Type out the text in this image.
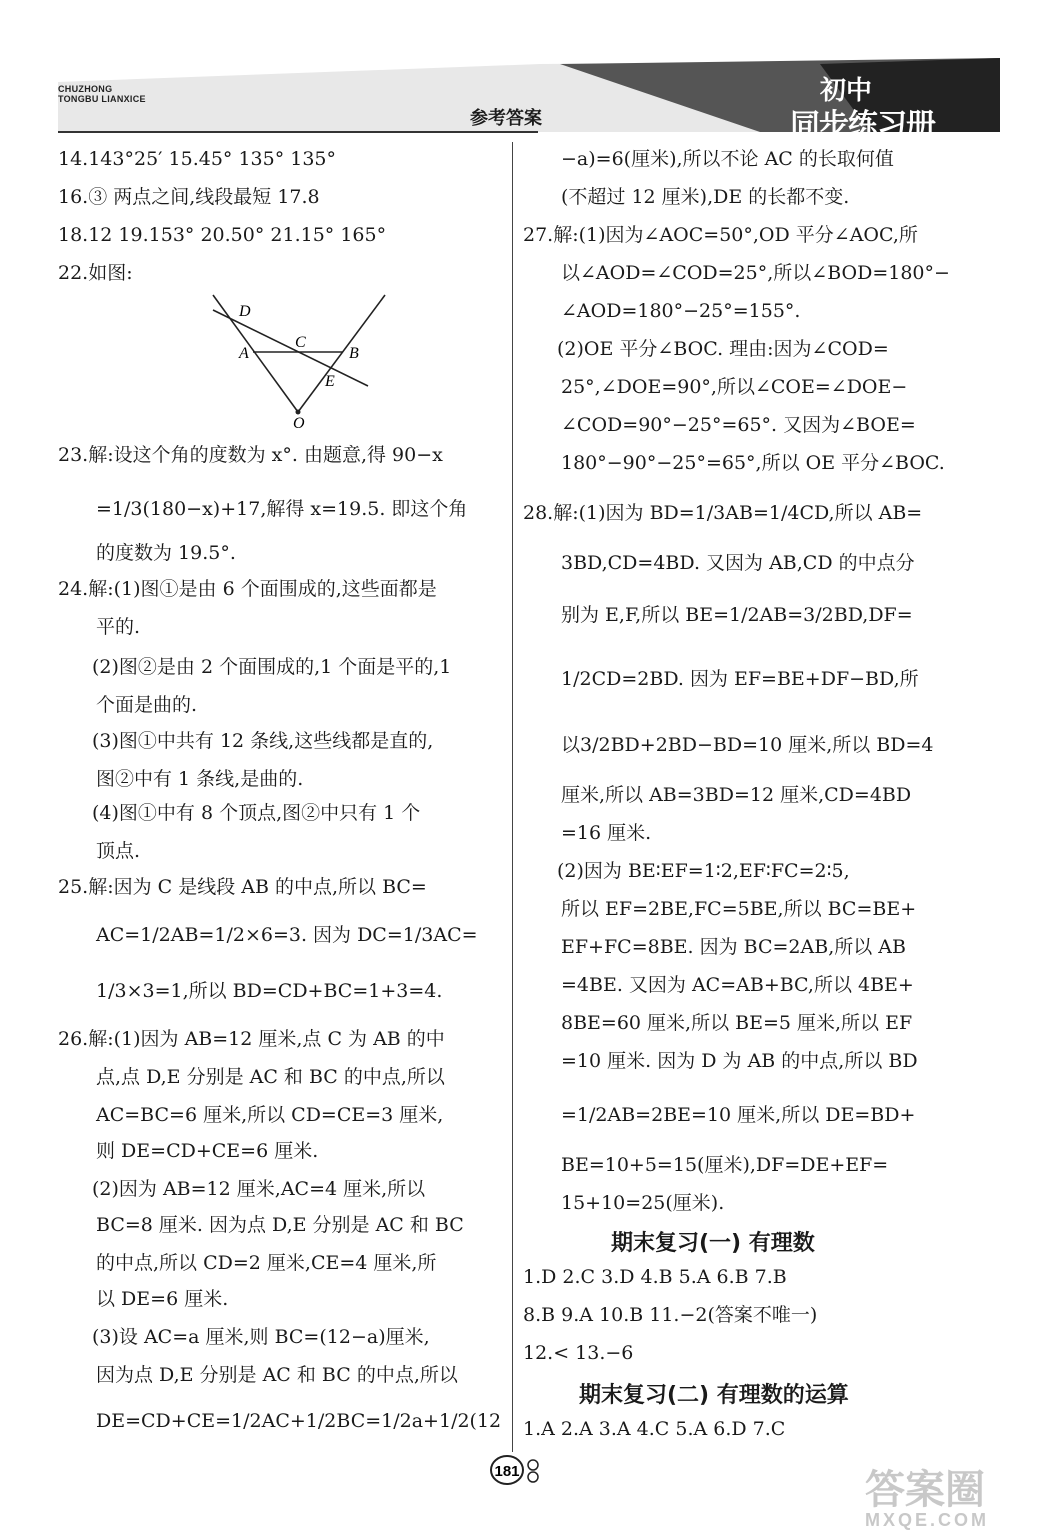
CHUZHONG
TONGBU LIANXICE
参考答案
初中
同步练习册
14.143°25′ 15.45° 135° 135°
16.③ 两点之间,线段最短 17.8
18.12 19.153° 20.50° 21.15° 165°
22.如图:
D
A
C
B
E
O
23.解:设这个角的度数为 x°. 由题意,得 90−x
=1/3(180−x)+17,解得 x=19.5. 即这个角
的度数为 19.5°.
24.解:(1)图①是由 6 个面围成的,这些面都是
平的.
(2)图②是由 2 个面围成的,1 个面是平的,1
个面是曲的.
(3)图①中共有 12 条线,这些线都是直的,
图②中有 1 条线,是曲的.
(4)图①中有 8 个顶点,图②中只有 1 个
顶点.
25.解:因为 C 是线段 AB 的中点,所以 BC=
AC=1/2AB=1/2×6=3. 因为 DC=1/3AC=
1/3×3=1,所以 BD=CD+BC=1+3=4.
26.解:(1)因为 AB=12 厘米,点 C 为 AB 的中
点,点 D,E 分别是 AC 和 BC 的中点,所以
AC=BC=6 厘米,所以 CD=CE=3 厘米,
则 DE=CD+CE=6 厘米.
(2)因为 AB=12 厘米,AC=4 厘米,所以
BC=8 厘米. 因为点 D,E 分别是 AC 和 BC
的中点,所以 CD=2 厘米,CE=4 厘米,所
以 DE=6 厘米.
(3)设 AC=a 厘米,则 BC=(12−a)厘米,
因为点 D,E 分别是 AC 和 BC 的中点,所以
DE=CD+CE=1/2AC+1/2BC=1/2a+1/2(12
−a)=6(厘米),所以不论 AC 的长取何值
(不超过 12 厘米),DE 的长都不变.
27.解:(1)因为∠AOC=50°,OD 平分∠AOC,所
以∠AOD=∠COD=25°,所以∠BOD=180°−
∠AOD=180°−25°=155°.
(2)OE 平分∠BOC. 理由:因为∠COD=
25°,∠DOE=90°,所以∠COE=∠DOE−
∠COD=90°−25°=65°. 又因为∠BOE=
180°−90°−25°=65°,所以 OE 平分∠BOC.
28.解:(1)因为 BD=1/3AB=1/4CD,所以 AB=
3BD,CD=4BD. 又因为 AB,CD 的中点分
别为 E,F,所以 BE=1/2AB=3/2BD,DF=
1/2CD=2BD. 因为 EF=BE+DF−BD,所
以3/2BD+2BD−BD=10 厘米,所以 BD=4
厘米,所以 AB=3BD=12 厘米,CD=4BD
=16 厘米.
(2)因为 BE∶EF=1∶2,EF∶FC=2∶5,
所以 EF=2BE,FC=5BE,所以 BC=BE+
EF+FC=8BE. 因为 BC=2AB,所以 AB
=4BE. 又因为 AC=AB+BC,所以 4BE+
8BE=60 厘米,所以 BE=5 厘米,所以 EF
=10 厘米. 因为 D 为 AB 的中点,所以 BD
=1/2AB=2BE=10 厘米,所以 DE=BD+
BE=10+5=15(厘米),DF=DE+EF=
15+10=25(厘米).
期末复习(一) 有理数
1.D 2.C 3.D 4.B 5.A 6.B 7.B
8.B 9.A 10.B 11.−2(答案不唯一)
12.< 13.−6
期末复习(二) 有理数的运算
1.A 2.A 3.A 4.C 5.A 6.D 7.C
181	答案圈
MXQE.COM
